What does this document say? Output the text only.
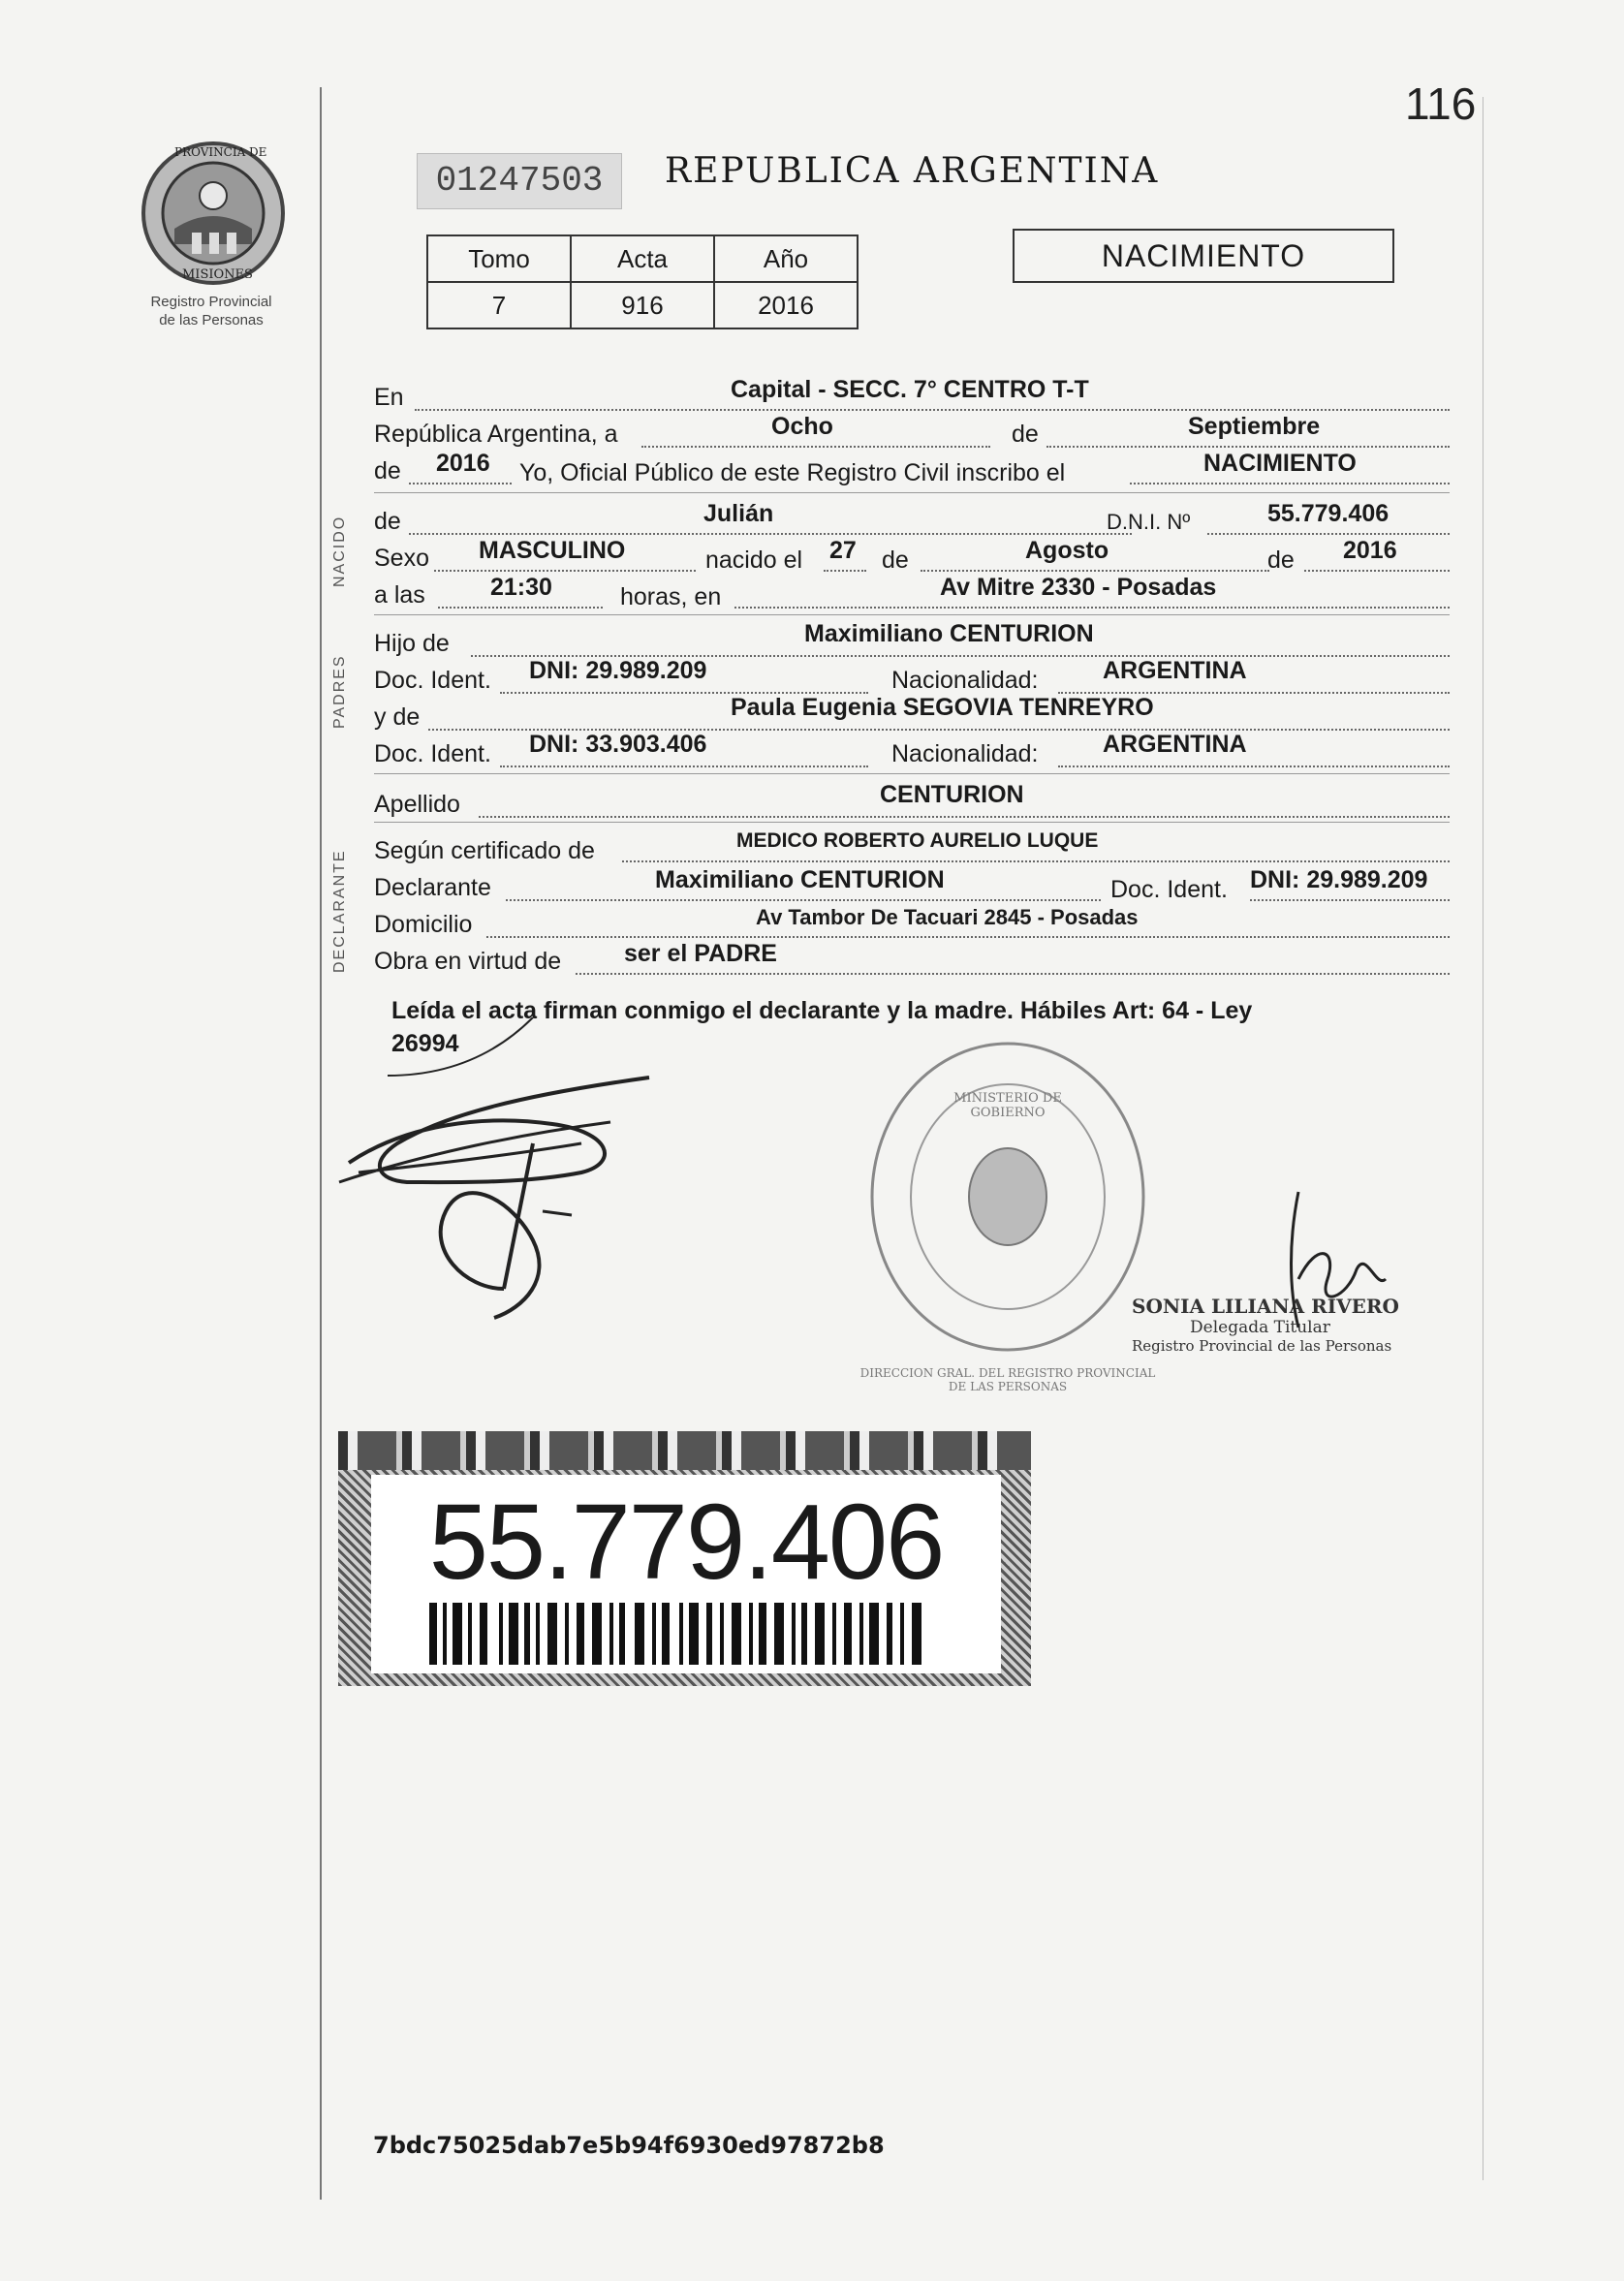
116
PROVINCIA DE
MISIONES
Registro Provincial
de las Personas
01247503	REPUBLICA ARGENTINA
Tomo	Acta	Año
7	916	2016
NACIMIENTO
En	Capital - SECC. 7° CENTRO T-T
República Argentina, a	Ocho	de	Septiembre
de 2016 Yo, Oficial Público de este Registro Civil inscribo el	NACIMIENTO
NACIDO de	Julián	D.N.I. Nº	55.779.406
Sexo MASCULINO	nacido el 27 de	Agosto	de 2016
a las	21:30	horas, en	Av Mitre 2330 - Posadas
PADRES
Hijo de	Maximiliano CENTURION
Doc. Ident. DNI: 29.989.209	Nacionalidad:	ARGENTINA
y de	Paula Eugenia SEGOVIA TENREYRO
Doc. Ident. DNI: 33.903.406	Nacionalidad:	ARGENTINA
Apellido	CENTURION
DECLARANTE Según certificado de	MEDICO ROBERTO AURELIO LUQUE
Declarante	Maximiliano CENTURION	Doc. Ident. DNI: 29.989.209
Domicilio	Av Tambor De Tacuari 2845 - Posadas
Obra en virtud de	ser el PADRE
Leída el acta firman conmigo el declarante y la madre. Hábiles Art: 64 - Ley
26994
DIRECCION GRAL. DEL REGISTRO PROVINCIAL DE LAS PERSONAS
MINISTERIO DE GOBIERNO
SONIA LILIANA RIVERO
Delegada Titular
Registro Provincial de las Personas
55.779.406
7bdc75025dab7e5b94f6930ed97872b8
